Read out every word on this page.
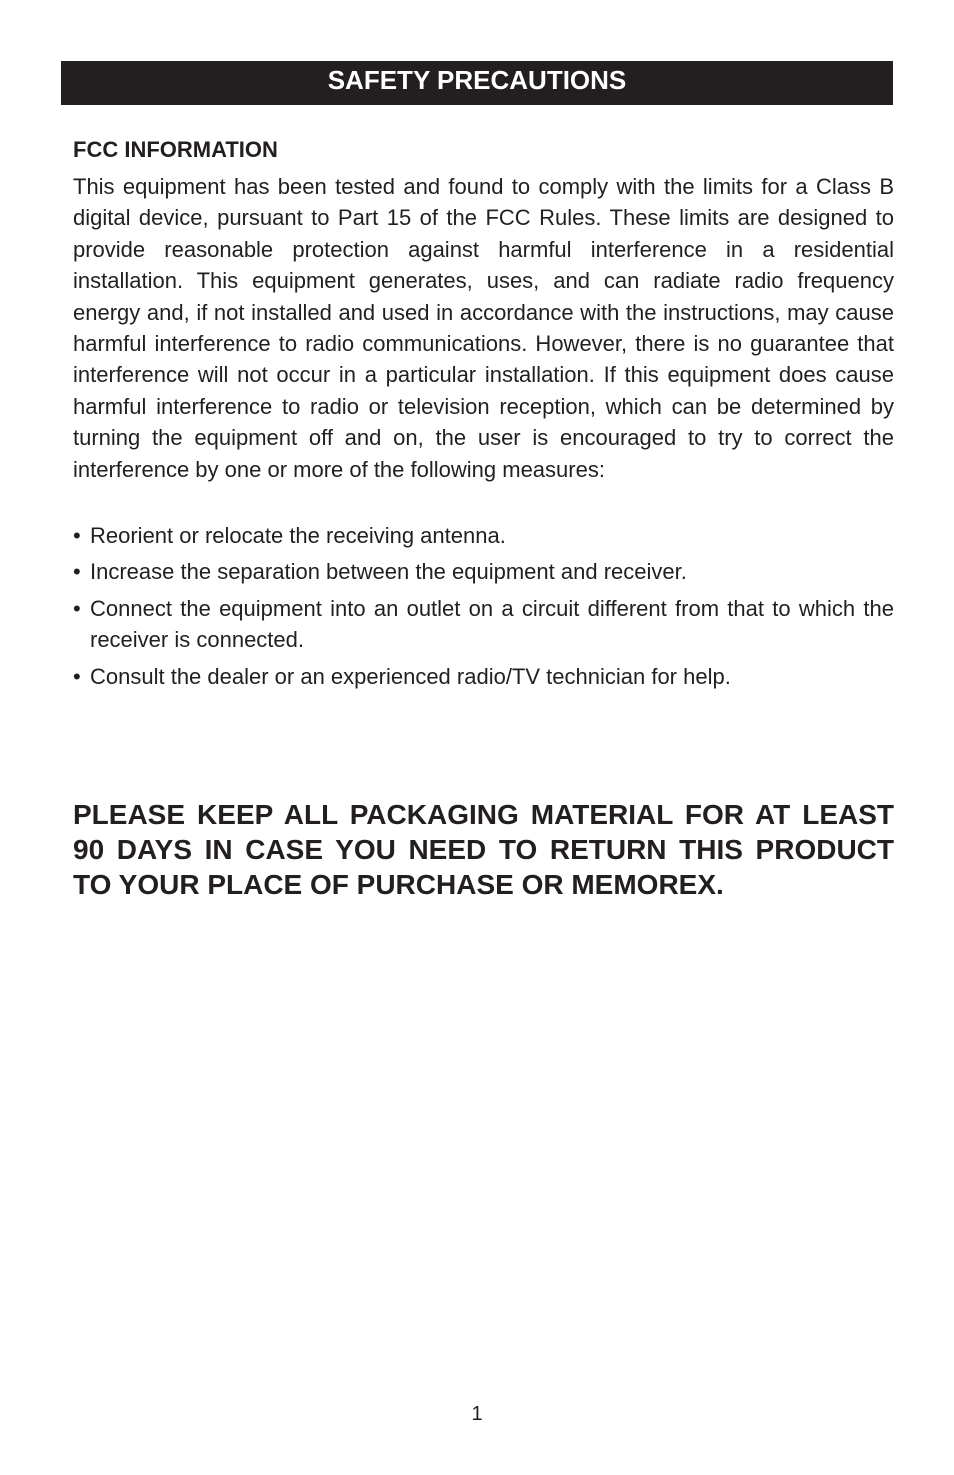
SAFETY PRECAUTIONS
FCC INFORMATION

This equipment has been tested and found to comply with the limits for a Class B digital device, pursuant to Part 15 of the FCC Rules. These limits are designed to provide reasonable protection against harmful interference in a residential installation. This equipment generates, uses, and can radiate radio frequency energy and, if not installed and used in accordance with the instructions, may cause harmful interference to radio communications. However, there is no guarantee that interference will not occur in a particular installation. If this equipment does cause harmful interference to radio or television reception, which can be determined by turning the equipment off and on, the user is encouraged to try to correct the interference by one or more of the following measures:

• Reorient or relocate the receiving antenna.
• Increase the separation between the equipment and receiver.
• Connect the equipment into an outlet on a circuit different from that to which the receiver is connected.
• Consult the dealer or an experienced radio/TV technician for help.

PLEASE KEEP ALL PACKAGING MATERIAL FOR AT LEAST 90 DAYS IN CASE YOU NEED TO RETURN THIS PRODUCT TO YOUR PLACE OF PURCHASE OR MEMOREX.

1
